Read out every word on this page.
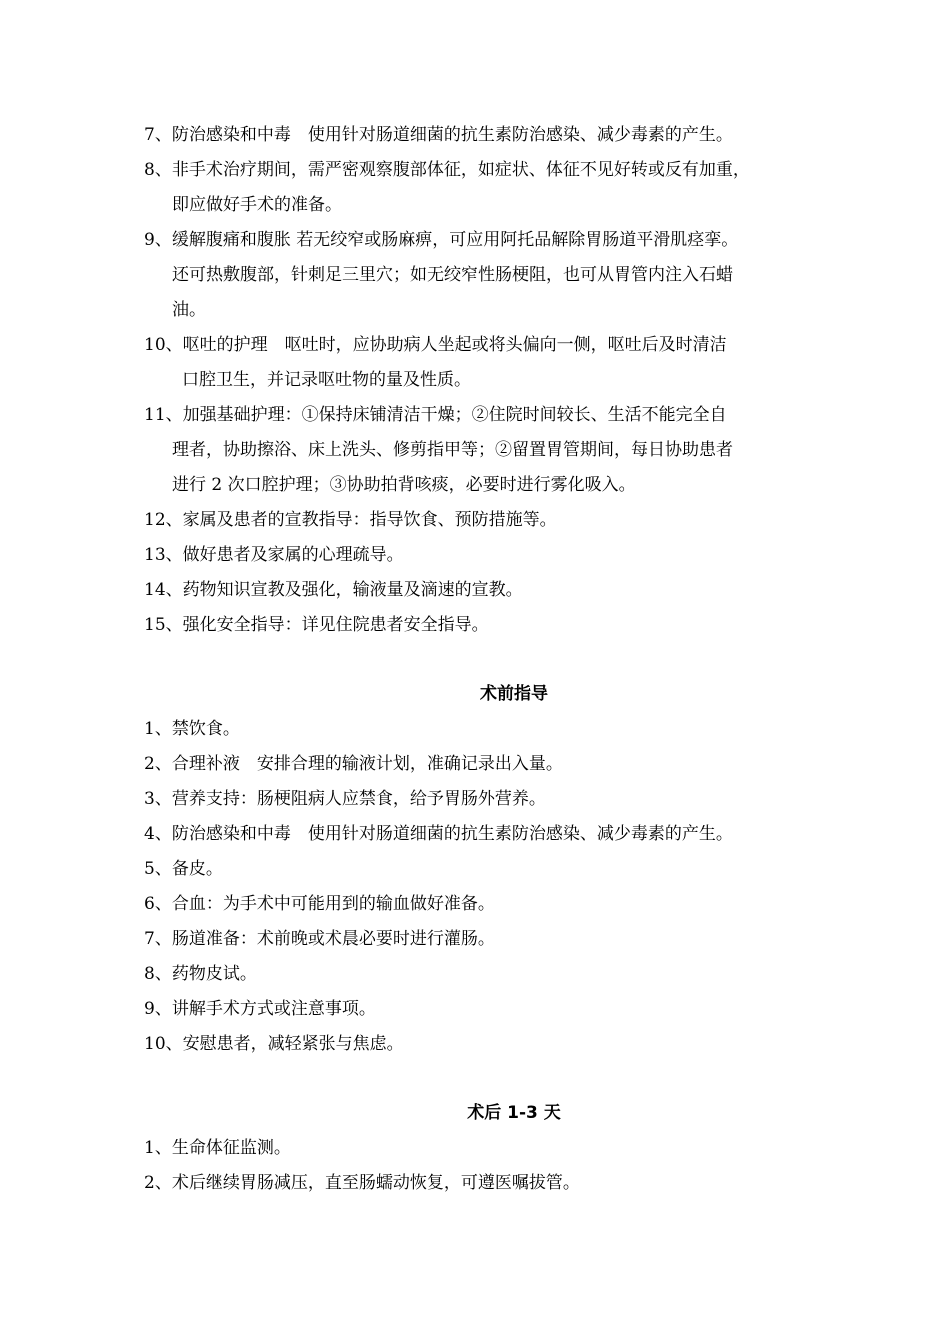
7、防治感染和中毒　使用针对肠道细菌的抗生素防治感染、减少毒素的产生。
8、非手术治疗期间，需严密观察腹部体征，如症状、体征不见好转或反有加重，
即应做好手术的准备。
9、缓解腹痛和腹胀 若无绞窄或肠麻痹，可应用阿托品解除胃肠道平滑肌痉挛。
还可热敷腹部，针刺足三里穴；如无绞窄性肠梗阻，也可从胃管内注入石蜡
油。
10、呕吐的护理　呕吐时，应协助病人坐起或将头偏向一侧，呕吐后及时清洁
口腔卫生，并记录呕吐物的量及性质。
11、加强基础护理：①保持床铺清洁干燥；②住院时间较长、生活不能完全自
理者，协助擦浴、床上洗头、修剪指甲等；②留置胃管期间，每日协助患者
进行 2 次口腔护理；③协助拍背咳痰，必要时进行雾化吸入。
12、家属及患者的宣教指导：指导饮食、预防措施等。
13、做好患者及家属的心理疏导。
14、药物知识宣教及强化，输液量及滴速的宣教。
15、强化安全指导：详见住院患者安全指导。
术前指导
1、禁饮食。
2、合理补液　安排合理的输液计划，准确记录出入量。
3、营养支持：肠梗阻病人应禁食，给予胃肠外营养。
4、防治感染和中毒　使用针对肠道细菌的抗生素防治感染、减少毒素的产生。
5、备皮。
6、合血：为手术中可能用到的输血做好准备。
7、肠道准备：术前晚或术晨必要时进行灌肠。
8、药物皮试。
9、讲解手术方式或注意事项。
10、安慰患者，减轻紧张与焦虑。
术后 1-3 天
1、生命体征监测。
2、术后继续胃肠减压，直至肠蠕动恢复，可遵医嘱拔管。
